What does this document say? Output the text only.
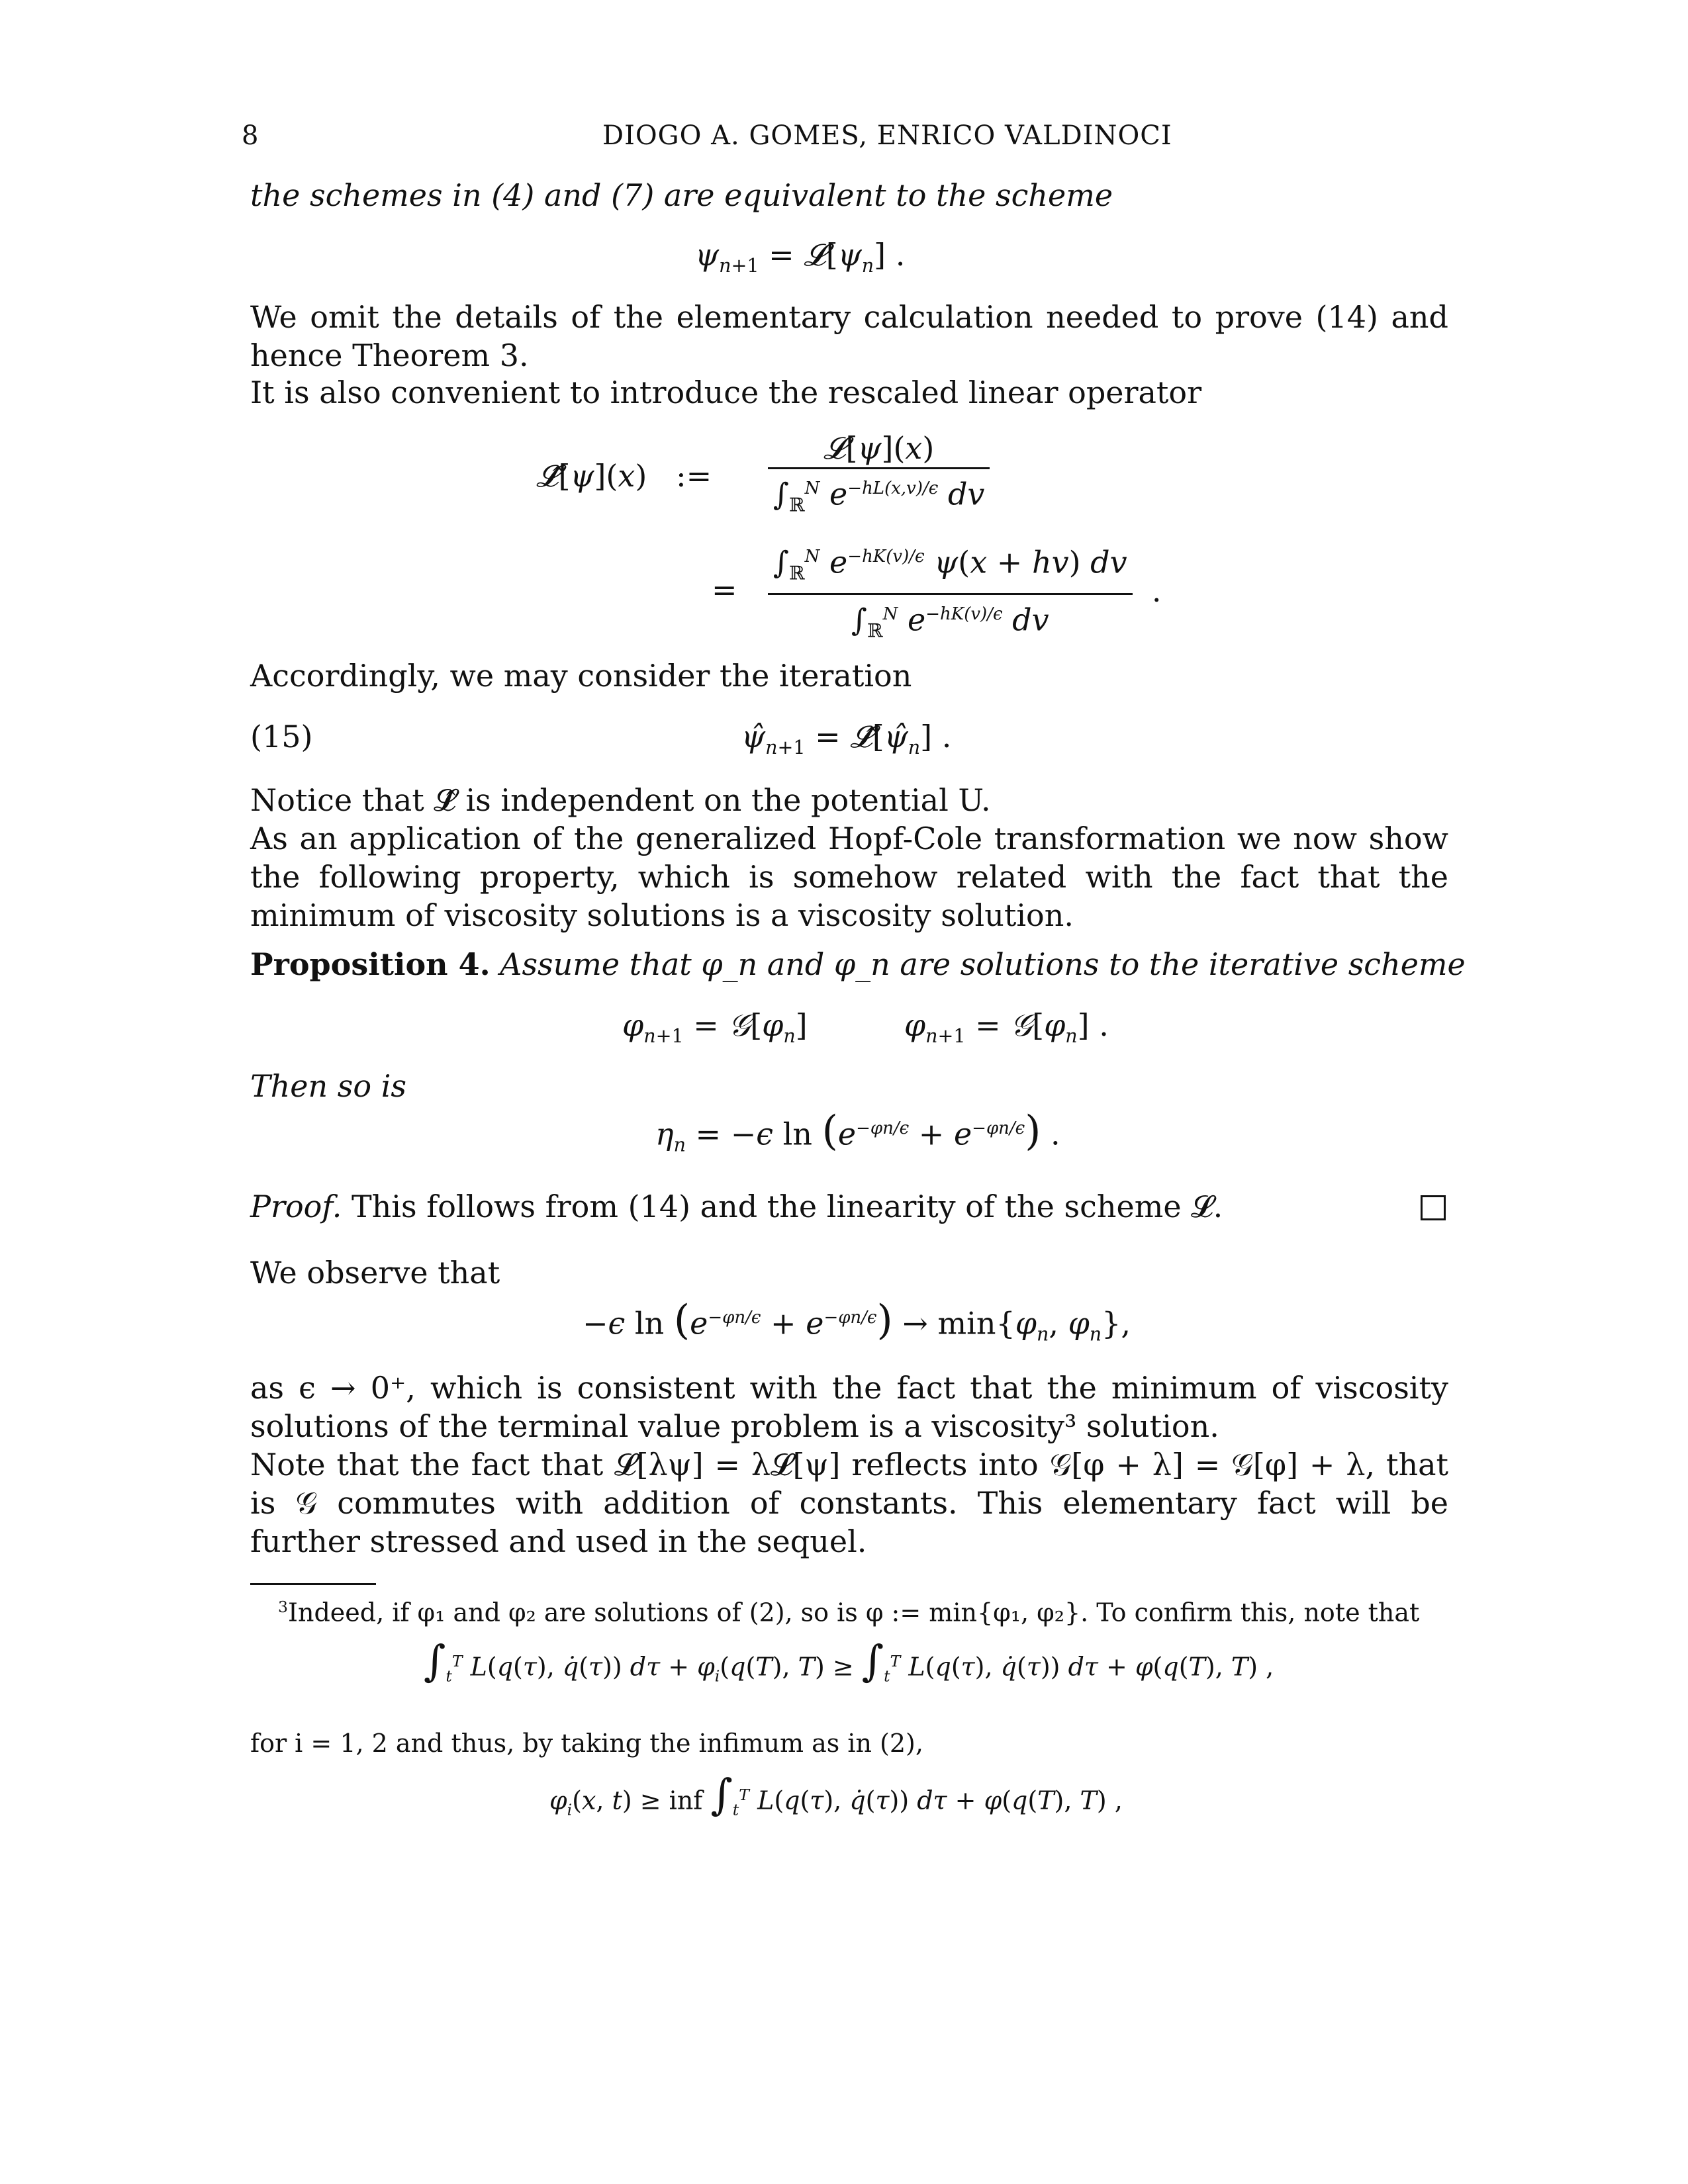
8	DIOGO A. GOMES, ENRICO VALDINOCI
the schemes in (4) and (7) are equivalent to the scheme
$\psi_{n+1}$ = $𝓛[\psi_n]$ .
We omit the details of the elementary calculation needed to prove (14) and hence Theorem 3.
It is also convenient to introduce the rescaled linear operator
𝓛̂[ψ](x)   := $\frac{\text{𝓛[ψ](x)}}{\int_ℝ^N e^{-hL(x,v)/\epsilon} dv}$
= $\frac{\int_ℝ^N e^{-hK(v)/\epsilon} \psi(x + hv) dv}{\int_ℝ^N e^{-hK(v)/\epsilon} dv}$ .
Accordingly, we may consider the iteration
(15)	$\psî_{n+1}$ = $𝓛̂[\psî_n]$ .
Notice that 𝓛̂ is independent on the potential U.
As an application of the generalized Hopf-Cole transformation we now show the following property, which is somehow related with the fact that the minimum of viscosity solutions is a viscosity solution.
Proposition 4. Assume that φ_n and φ_n are solutions to the iterative scheme
$\varphi_{n+1}$ = $𝒢[\varphi_n]$          $\varphi_{n+1}$ = $𝒢[\varphi_n]$ .
Then so is
$\eta_n = -\epsilon$ $\ln (e^{-\varphi n/\epsilon} + e^{-\varphi n/\epsilon})$ .
Proof. This follows from (14) and the linearity of the scheme 𝓛.
We observe that
−ϵ $\ln (e^{-\varphi n/\epsilon} + e^{-\varphi n/\epsilon}) \to \min\{\varphi_n$, $\varphi_n$},
as ϵ → 0⁺, which is consistent with the fact that the minimum of viscosity solutions of the terminal value problem is a viscosity³ solution.
Note that the fact that 𝓛[λψ] = λ𝓛[ψ] reflects into 𝒢[φ + λ] = 𝒢[φ] + λ, that is 𝒢 commutes with addition of constants. This elementary fact will be further stressed and used in the sequel.
$^3$Indeed, if φ₁ and φ₂ are solutions of (2), so is φ := min{φ₁, φ₂}. To confirm this, note that
$\int_t^T$ L(q(τ), q̇(τ)) $d\tau + \varphi_i(q(T)$, $T) \ge \int_t^T$ L(q(τ), q̇(τ)) dτ + φ(q(T), T) ,
for i = 1, 2 and thus, by taking the infimum as in (2),
$\varphi_i(x$, t) ≥ inf $\int_t^T$ L(q(τ), q̇(τ)) dτ + φ(q(T), T) ,
